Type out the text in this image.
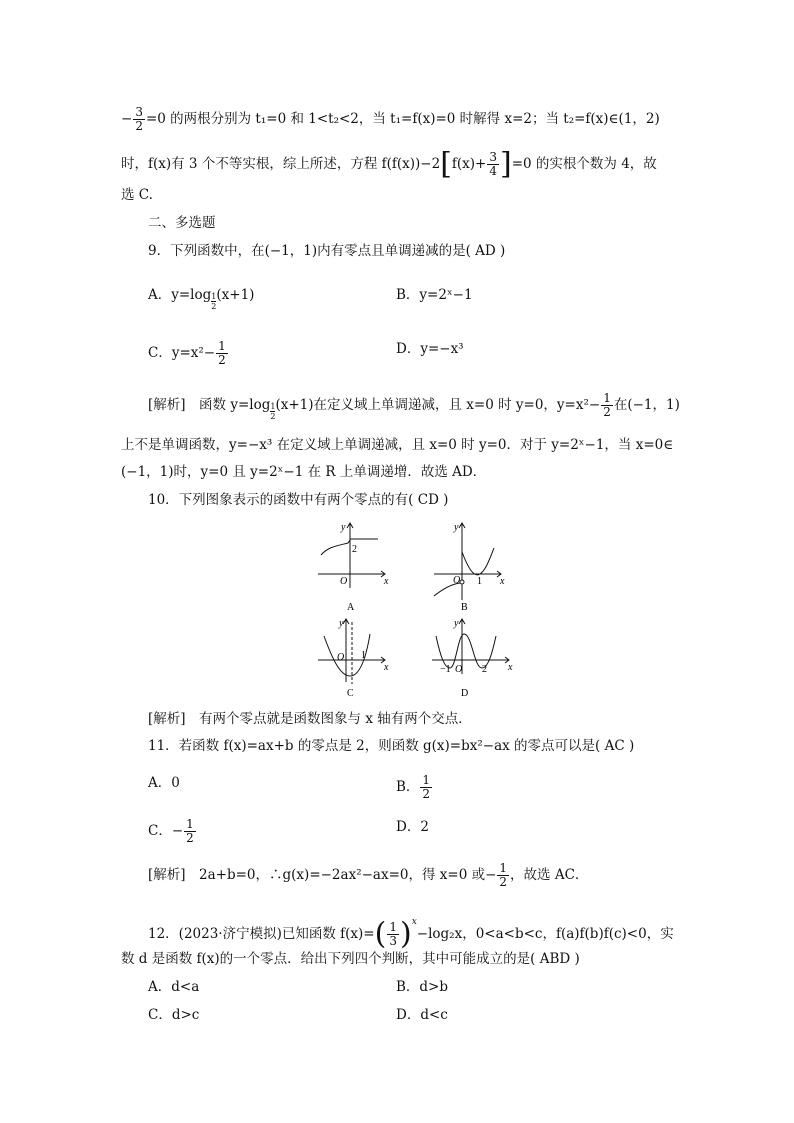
− $\frac{3}{2} =0$ 的两根分别为 t₁=0 和 1<t₂<2，当 t₁=f(x)=0 时解得 x=2；当 t₂=f(x)∈(1，2)
时，f(x)有 3 个不等实根，综上所述，方程 $f(f(x))-2[f(x)+ \frac{3}{4} ]=0$ 的实根个数为 4，故
选 C.
二、多选题
9．下列函数中，在(−1，1)内有零点且单调递减的是( AD )
A．$y=\log \frac{1}{2} (x+1)$	B．y=2ˣ−1
C．$y=x^2- \frac{1}{2}$	D．y=−x³
[解析]　函数 $y=\log \frac{1}{2} (x+1)$在定义域上单调递减，且 x=0 时 y=0，$y=x^2- \frac{1}{2}$ 在(−1，1)
上不是单调函数，y=−x³ 在定义域上单调递减，且 x=0 时 y=0．对于 y=2ˣ−1，当 x=0∈
(−1，1)时，y=0 且 y=2ˣ−1 在 R 上单调递增．故选 AD．
10．下列图象表示的函数中有两个零点的有( CD )
y
x
O
2
A
y
x
O 1
B
y
x
O 1
C
y
x
O
−1	2
D
[解析]　有两个零点就是函数图象与 x 轴有两个交点．
11．若函数 f(x)=ax+b 的零点是 2，则函数 g(x)=bx²−ax 的零点可以是( AC )
A．0	B． $\frac{1}{2}$
C．− $\frac{1}{2}$	D．2
[解析]　2a+b=0，∴g(x)=−2ax²−ax=0，得 x=0 或− $\frac{1}{2}$ ，故选 AC．
12．(2023·济宁模拟)已知函数 $f(x)=( \frac{1}{3} )^x-\log_2x$，0<a<b<c，f(a)f(b)f(c)<0，实
数 d 是函数 f(x)的一个零点．给出下列四个判断，其中可能成立的是( ABD )
A．d<a	B．d>b
C．d>c	D．d<c
